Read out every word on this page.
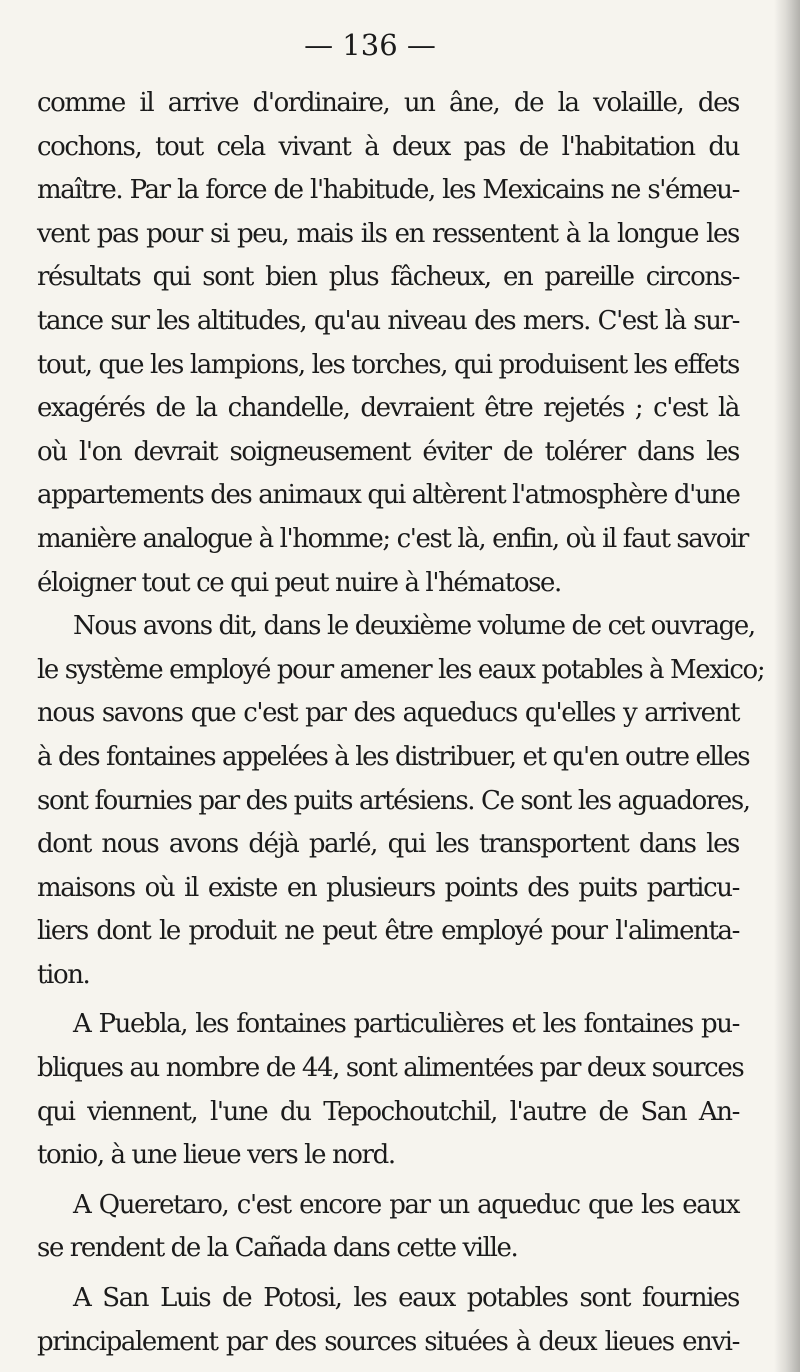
— 136 —
comme il arrive d'ordinaire, un âne, de la volaille, des
cochons, tout cela vivant à deux pas de l'habitation du
maître. Par la force de l'habitude, les Mexicains ne s'émeu-
vent pas pour si peu, mais ils en ressentent à la longue les
résultats qui sont bien plus fâcheux, en pareille circons-
tance sur les altitudes, qu'au niveau des mers. C'est là sur-
tout, que les lampions, les torches, qui produisent les effets
exagérés de la chandelle, devraient être rejetés ; c'est là
où l'on devrait soigneusement éviter de tolérer dans les
appartements des animaux qui altèrent l'atmosphère d'une
manière analogue à l'homme; c'est là, enfin, où il faut savoir
éloigner tout ce qui peut nuire à l'hématose.
Nous avons dit, dans le deuxième volume de cet ouvrage,
le système employé pour amener les eaux potables à Mexico;
nous savons que c'est par des aqueducs qu'elles y arrivent
à des fontaines appelées à les distribuer, et qu'en outre elles
sont fournies par des puits artésiens. Ce sont les aguadores,
dont nous avons déjà parlé, qui les transportent dans les
maisons où il existe en plusieurs points des puits particu-
liers dont le produit ne peut être employé pour l'alimenta-
tion.
A Puebla, les fontaines particulières et les fontaines pu-
bliques au nombre de 44, sont alimentées par deux sources
qui viennent, l'une du Tepochoutchil, l'autre de San An-
tonio, à une lieue vers le nord.
A Queretaro, c'est encore par un aqueduc que les eaux
se rendent de la Cañada dans cette ville.
A San Luis de Potosi, les eaux potables sont fournies
principalement par des sources situées à deux lieues envi-
